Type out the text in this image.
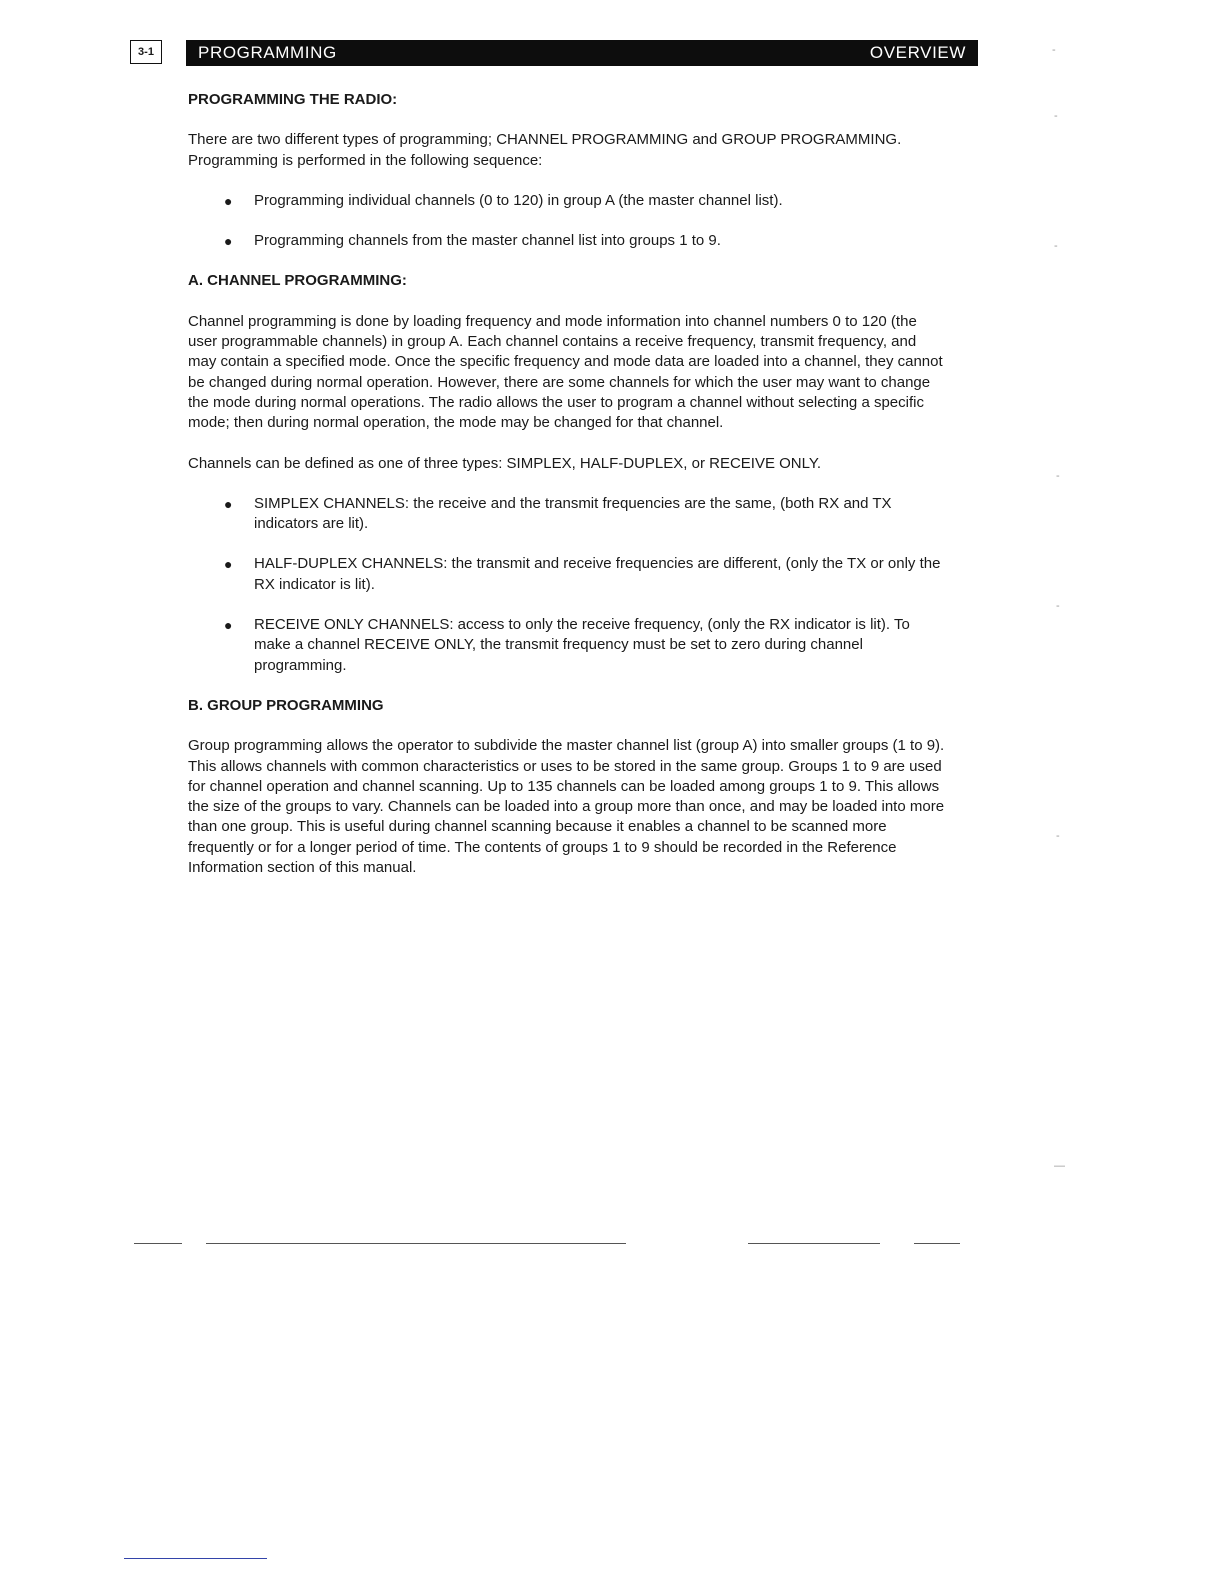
3-1	PROGRAMMING	OVERVIEW
PROGRAMMING THE RADIO:

There are two different types of programming; CHANNEL PROGRAMMING and GROUP PROGRAMMING. Programming is performed in the following sequence:

● Programming individual channels (0 to 120) in group A (the master channel list).
● Programming channels from the master channel list into groups 1 to 9.
A. CHANNEL PROGRAMMING:

Channel programming is done by loading frequency and mode information into channel numbers 0 to 120 (the user programmable channels) in group A. Each channel contains a receive frequency, transmit frequency, and may contain a specified mode. Once the specific frequency and mode data are loaded into a channel, they cannot be changed during normal operation. However, there are some channels for which the user may want to change the mode during normal operations. The radio allows the user to program a channel without selecting a specific mode; then during normal operation, the mode may be changed for that channel.

Channels can be defined as one of three types: SIMPLEX, HALF-DUPLEX, or RECEIVE ONLY.

● SIMPLEX CHANNELS: the receive and the transmit frequencies are the same, (both RX and TX indicators are lit).
● HALF-DUPLEX CHANNELS: the transmit and receive frequencies are different, (only the TX or only the RX indicator is lit).
● RECEIVE ONLY CHANNELS: access to only the receive frequency, (only the RX indicator is lit). To make a channel RECEIVE ONLY, the transmit frequency must be set to zero during channel programming.
B. GROUP PROGRAMMING

Group programming allows the operator to subdivide the master channel list (group A) into smaller groups (1 to 9). This allows channels with common characteristics or uses to be stored in the same group. Groups 1 to 9 are used for channel operation and channel scanning. Up to 135 channels can be loaded among groups 1 to 9. This allows the size of the groups to vary. Channels can be loaded into a group more than once, and may be loaded into more than one group. This is useful during channel scanning because it enables a channel to be scanned more frequently or for a longer period of time. The contents of groups 1 to 9 should be recorded in the Reference Information section of this manual.

-
-
-
-
-
-
—
